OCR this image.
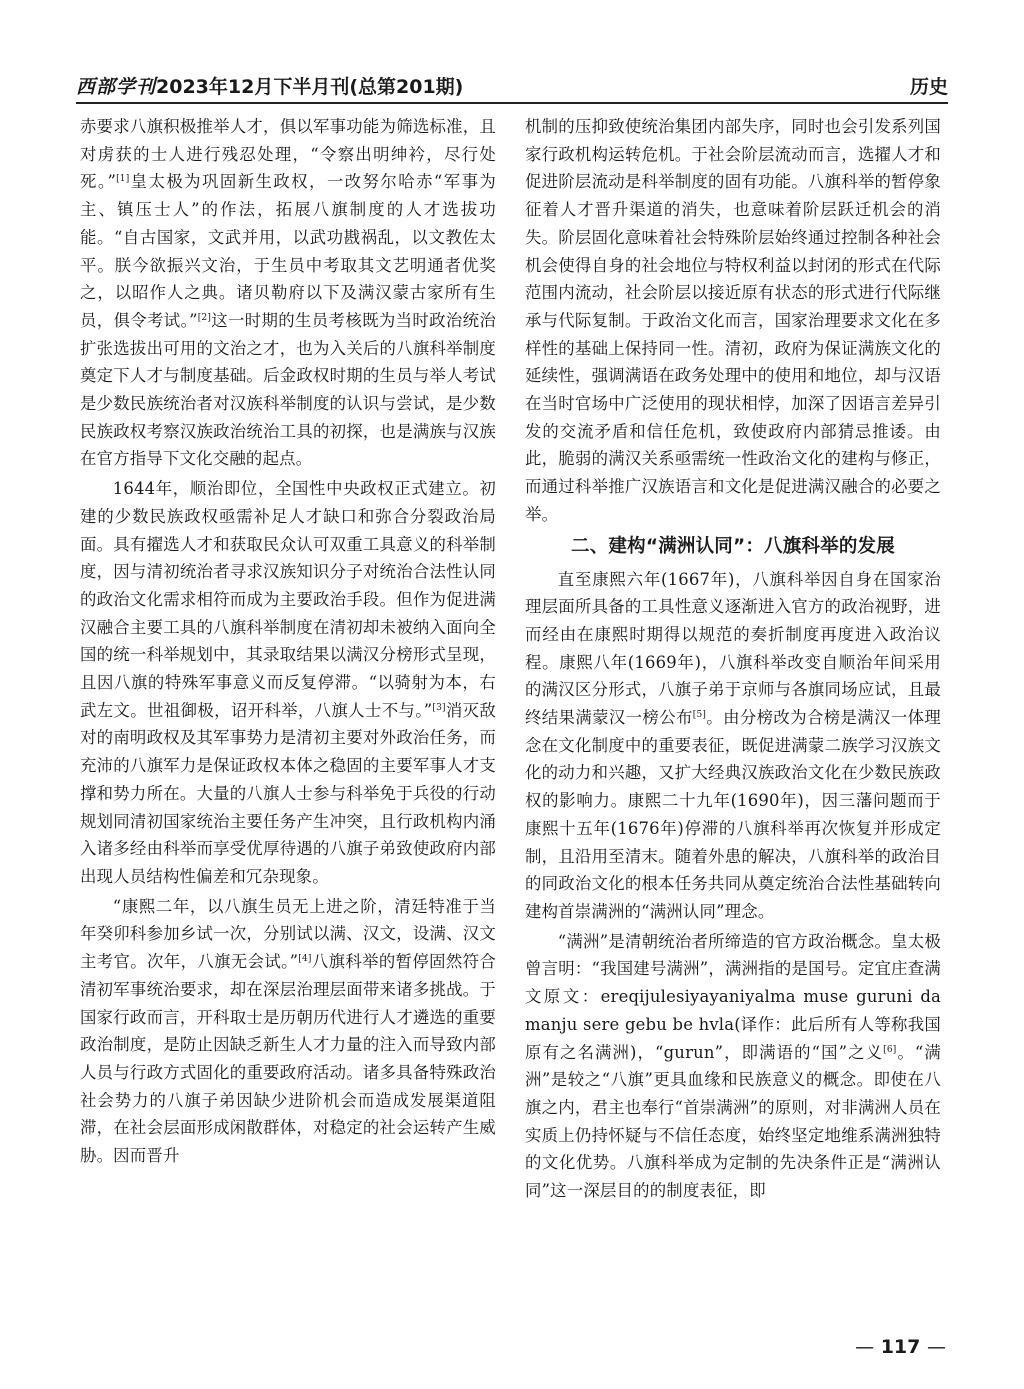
西部学刊2023年12月下半月刊(总第201期)	历史

赤要求八旗积极推举人才，俱以军事功能为筛选标准，且对虏获的士人进行残忍处理，“令察出明绅衿，尽行处死。”[1]皇太极为巩固新生政权，一改努尔哈赤“军事为主、镇压士人”的作法，拓展八旗制度的人才选拔功能。“自古国家，文武并用，以武功戡祸乱，以文教佐太平。朕今欲振兴文治，于生员中考取其文艺明通者优奖之，以昭作人之典。诸贝勒府以下及满汉蒙古家所有生员，俱令考试。”[2]这一时期的生员考核既为当时政治统治扩张选拔出可用的文治之才，也为入关后的八旗科举制度奠定下人才与制度基础。后金政权时期的生员与举人考试是少数民族统治者对汉族科举制度的认识与尝试，是少数民族政权考察汉族政治统治工具的初探，也是满族与汉族在官方指导下文化交融的起点。

1644年，顺治即位，全国性中央政权正式建立。初建的少数民族政权亟需补足人才缺口和弥合分裂政治局面。具有擢选人才和获取民众认可双重工具意义的科举制度，因与清初统治者寻求汉族知识分子对统治合法性认同的政治文化需求相符而成为主要政治手段。但作为促进满汉融合主要工具的八旗科举制度在清初却未被纳入面向全国的统一科举规划中，其录取结果以满汉分榜形式呈现，且因八旗的特殊军事意义而反复停滞。“以骑射为本，右武左文。世祖御极，诏开科举，八旗人士不与。”[3]消灭敌对的南明政权及其军事势力是清初主要对外政治任务，而充沛的八旗军力是保证政权本体之稳固的主要军事人才支撑和势力所在。大量的八旗人士参与科举免于兵役的行动规划同清初国家统治主要任务产生冲突，且行政机构内涌入诸多经由科举而享受优厚待遇的八旗子弟致使政府内部出现人员结构性偏差和冗杂现象。

“康熙二年，以八旗生员无上进之阶，清廷特准于当年癸卯科参加乡试一次，分别试以满、汉文，设满、汉文主考官。次年，八旗无会试。”[4]八旗科举的暂停固然符合清初军事统治要求，却在深层治理层面带来诸多挑战。于国家行政而言，开科取士是历朝历代进行人才遴选的重要政治制度，是防止因缺乏新生人才力量的注入而导致内部人员与行政方式固化的重要政府活动。诸多具备特殊政治社会势力的八旗子弟因缺少进阶机会而造成发展渠道阻滞，在社会层面形成闲散群体，对稳定的社会运转产生威胁。因而晋升

机制的压抑致使统治集团内部失序，同时也会引发系列国家行政机构运转危机。于社会阶层流动而言，选擢人才和促进阶层流动是科举制度的固有功能。八旗科举的暂停象征着人才晋升渠道的消失，也意味着阶层跃迁机会的消失。阶层固化意味着社会特殊阶层始终通过控制各种社会机会使得自身的社会地位与特权利益以封闭的形式在代际范围内流动，社会阶层以接近原有状态的形式进行代际继承与代际复制。于政治文化而言，国家治理要求文化在多样性的基础上保持同一性。清初，政府为保证满族文化的延续性，强调满语在政务处理中的使用和地位，却与汉语在当时官场中广泛使用的现状相悖，加深了因语言差异引发的交流矛盾和信任危机，致使政府内部猜忌推诿。由此，脆弱的满汉关系亟需统一性政治文化的建构与修正，而通过科举推广汉族语言和文化是促进满汉融合的必要之举。

二、建构“满洲认同”：八旗科举的发展

直至康熙六年(1667年)，八旗科举因自身在国家治理层面所具备的工具性意义逐渐进入官方的政治视野，进而经由在康熙时期得以规范的奏折制度再度进入政治议程。康熙八年(1669年)，八旗科举改变自顺治年间采用的满汉区分形式，八旗子弟于京师与各旗同场应试，且最终结果满蒙汉一榜公布[5]。由分榜改为合榜是满汉一体理念在文化制度中的重要表征，既促进满蒙二族学习汉族文化的动力和兴趣，又扩大经典汉族政治文化在少数民族政权的影响力。康熙二十九年(1690年)，因三藩问题而于康熙十五年(1676年)停滞的八旗科举再次恢复并形成定制，且沿用至清末。随着外患的解决，八旗科举的政治目的同政治文化的根本任务共同从奠定统治合法性基础转向建构首崇满洲的“满洲认同”理念。

“满洲”是清朝统治者所缔造的官方政治概念。皇太极曾言明：“我国建号满洲”，满洲指的是国号。定宜庄查满文原文：ereqijulesiyayaniyalma muse guruni da manju sere gebu be hvla(译作：此后所有人等称我国原有之名满洲)，“gurun”，即满语的“国”之义[6]。“满洲”是较之“八旗”更具血缘和民族意义的概念。即使在八旗之内，君主也奉行“首崇满洲”的原则，对非满洲人员在实质上仍持怀疑与不信任态度，始终坚定地维系满洲独特的文化优势。八旗科举成为定制的先决条件正是“满洲认同”这一深层目的的制度表征，即

— 117 —
